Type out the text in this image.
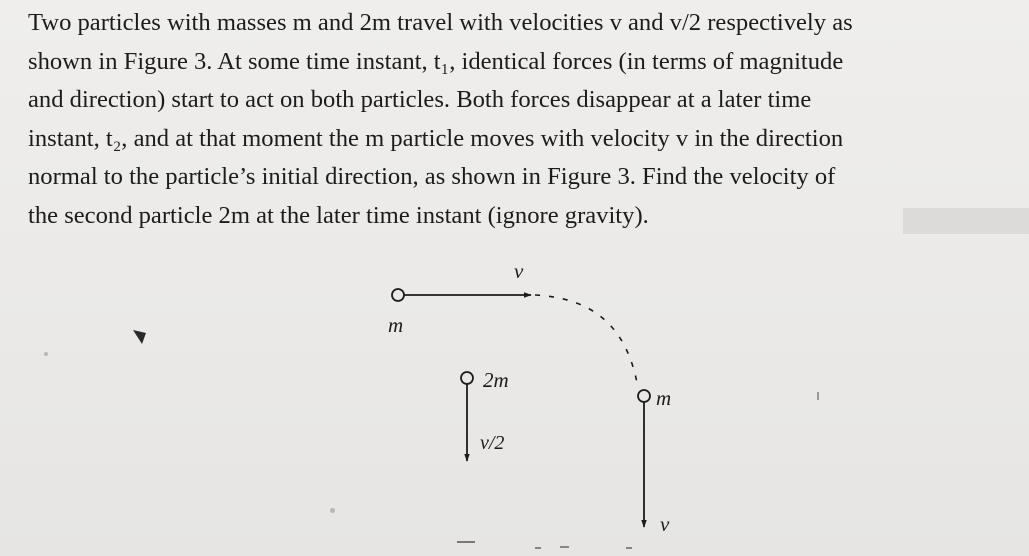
Two particles with masses m and 2m travel with velocities v and v/2 respectively as
shown in Figure 3. At some time instant, t₁, identical forces (in terms of magnitude
and direction) start to act on both particles. Both forces disappear at a later time
instant, t₂, and at that moment the m particle moves with velocity v in the direction
normal to the particle’s initial direction, as shown in Figure 3. Find the velocity of
the second particle 2m at the later time instant (ignore gravity).
m
v
2m
v/2
m
v
